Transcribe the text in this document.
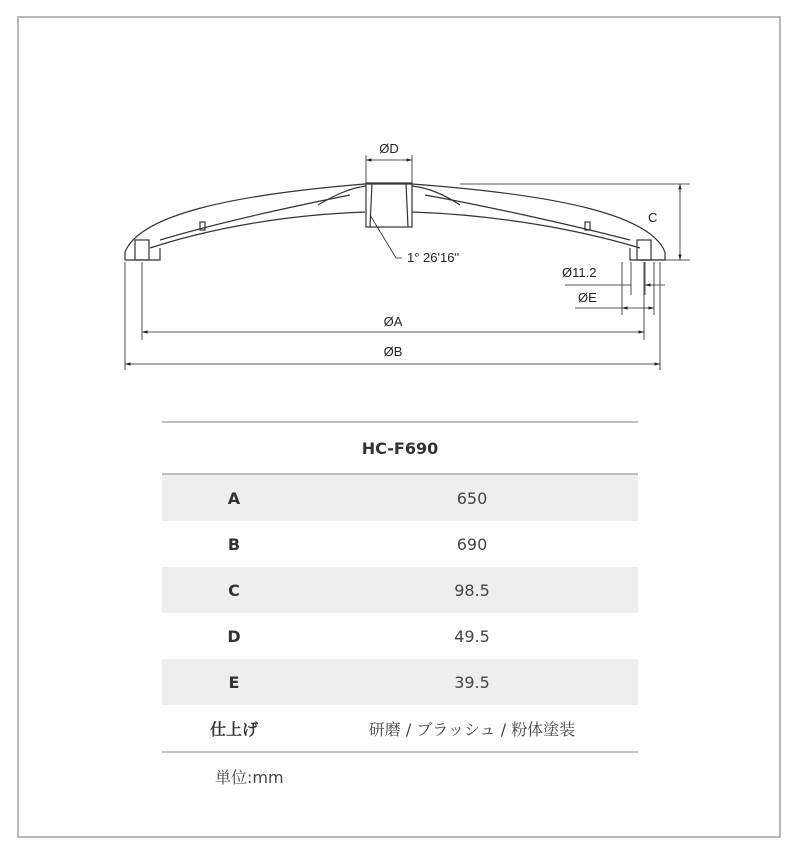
ØD
C
1° 26'16"
Ø11.2
ØE
ØA
ØB
HC-F690	
A	650
B	690
C	98.5
D	49.5
E	39.5
仕上げ	研磨 / ブラッシュ / 粉体塗装
単位:mm
